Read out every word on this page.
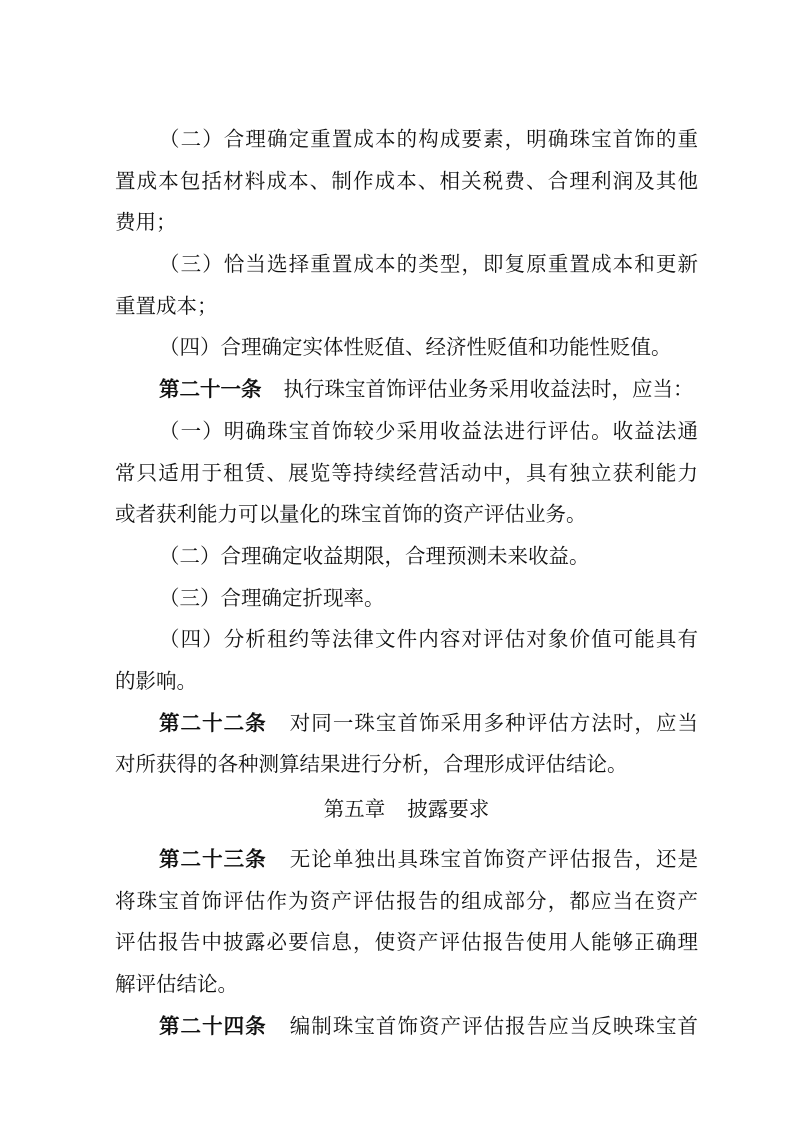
（二）合理确定重置成本的构成要素，明确珠宝首饰的重
置成本包括材料成本、制作成本、相关税费、合理利润及其他
费用；
（三）恰当选择重置成本的类型，即复原重置成本和更新
重置成本；
（四）合理确定实体性贬值、经济性贬值和功能性贬值。
第二十一条 执行珠宝首饰评估业务采用收益法时，应当：
（一）明确珠宝首饰较少采用收益法进行评估。收益法通
常只适用于租赁、展览等持续经营活动中，具有独立获利能力
或者获利能力可以量化的珠宝首饰的资产评估业务。
（二）合理确定收益期限，合理预测未来收益。
（三）合理确定折现率。
（四）分析租约等法律文件内容对评估对象价值可能具有
的影响。
第二十二条 对同一珠宝首饰采用多种评估方法时，应当
对所获得的各种测算结果进行分析，合理形成评估结论。
第五章 披露要求
第二十三条 无论单独出具珠宝首饰资产评估报告，还是
将珠宝首饰评估作为资产评估报告的组成部分，都应当在资产
评估报告中披露必要信息，使资产评估报告使用人能够正确理
解评估结论。
第二十四条 编制珠宝首饰资产评估报告应当反映珠宝首
